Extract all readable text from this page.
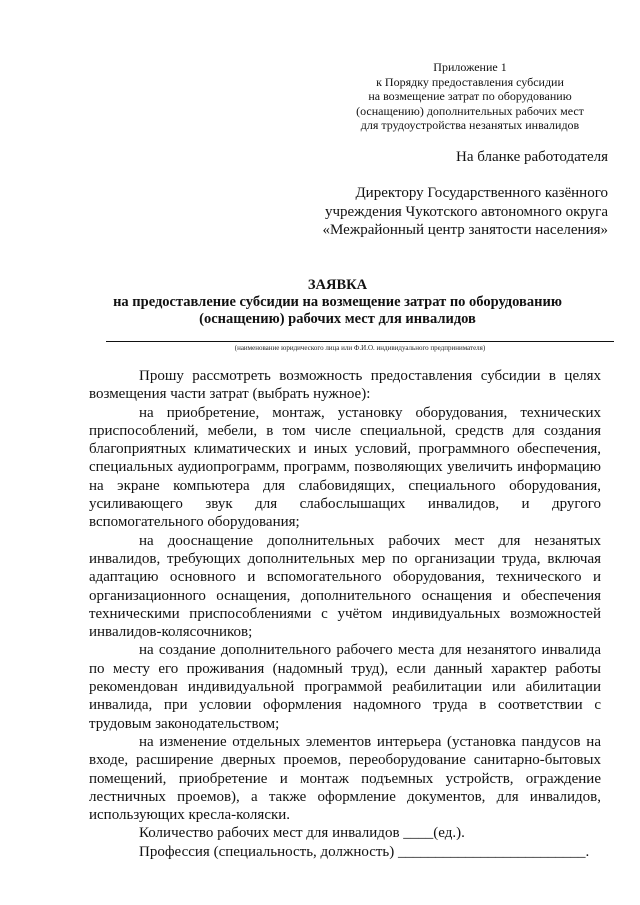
Приложение 1
к Порядку предоставления субсидии
на возмещение затрат по оборудованию
(оснащению) дополнительных рабочих мест
для трудоустройства незанятых инвалидов
На бланке работодателя
Директору Государственного казённого
учреждения Чукотского автономного округа
«Межрайонный центр занятости населения»
ЗАЯВКА
на предоставление субсидии на возмещение затрат по оборудованию
(оснащению) рабочих мест для инвалидов
(наименование юридического лица или Ф.И.О. индивидуального предпринимателя)

Прошу рассмотреть возможность предоставления субсидии в целях возмещения части затрат (выбрать нужное):

на приобретение, монтаж, установку оборудования, технических приспособлений, мебели, в том числе специальной, средств для создания благоприятных климатических и иных условий, программного обеспечения, специальных аудиопрограмм, программ, позволяющих увеличить информацию на экране компьютера для слабовидящих, специального оборудования, усиливающего звук для слабослышащих инвалидов, и другого вспомогательного оборудования;

на дооснащение дополнительных рабочих мест для незанятых инвалидов, требующих дополнительных мер по организации труда, включая адаптацию основного и вспомогательного оборудования, технического и организационного оснащения, дополнительного оснащения и обеспечения техническими приспособлениями с учётом индивидуальных возможностей инвалидов-колясочников;

на создание дополнительного рабочего места для незанятого инвалида по месту его проживания (надомный труд), если данный характер работы рекомендован индивидуальной программой реабилитации или абилитации инвалида, при условии оформления надомного труда в соответствии с трудовым законодательством;

на изменение отдельных элементов интерьера (установка пандусов на входе, расширение дверных проемов, переоборудование санитарно-бытовых помещений, приобретение и монтаж подъемных устройств, ограждение лестничных проемов), а также оформление документов, для инвалидов, использующих кресла-коляски.

Количество рабочих мест для инвалидов ____(ед.).

Профессия (специальность, должность) _________________________.
